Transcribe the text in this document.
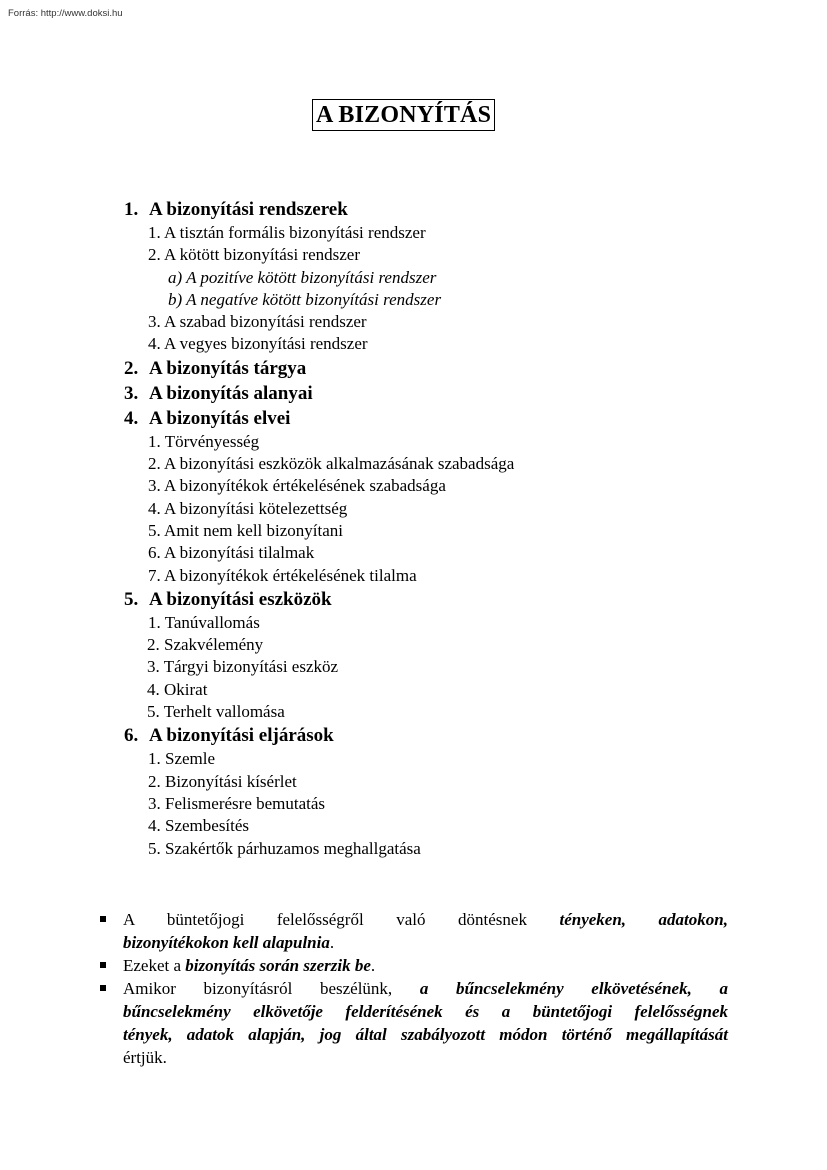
Forrás: http://www.doksi.hu
A BIZONYÍTÁS
1. A bizonyítási rendszerek
1. A tisztán formális bizonyítási rendszer
2. A kötött bizonyítási rendszer
a) A pozitíve kötött bizonyítási rendszer
b) A negatíve kötött bizonyítási rendszer
3. A szabad bizonyítási rendszer
4. A vegyes bizonyítási rendszer
2. A bizonyítás tárgya
3. A bizonyítás alanyai
4. A bizonyítás elvei
1. Törvényesség
2. A bizonyítási eszközök alkalmazásának szabadsága
3. A bizonyítékok értékelésének szabadsága
4. A bizonyítási kötelezettség
5. Amit nem kell bizonyítani
6. A bizonyítási tilalmak
7. A bizonyítékok értékelésének tilalma
5. A bizonyítási eszközök
1. Tanúvallomás
2. Szakvélemény
3. Tárgyi bizonyítási eszköz
4. Okirat
5. Terhelt vallomása
6. A bizonyítási eljárások
1. Szemle
2. Bizonyítási kísérlet
3. Felismerésre bemutatás
4. Szembesítés
5. Szakértők párhuzamos meghallgatása
A büntetőjogi felelősségről való döntésnek tényeken, adatokon,
bizonyítékokon kell alapulnia.
Ezeket a bizonyítás során szerzik be.
Amikor bizonyításról beszélünk, a bűncselekmény elkövetésének, a
bűncselekmény elkövetője felderítésének és a büntetőjogi felelősségnek
tények, adatok alapján, jog által szabályozott módon történő megállapítását
értjük.
